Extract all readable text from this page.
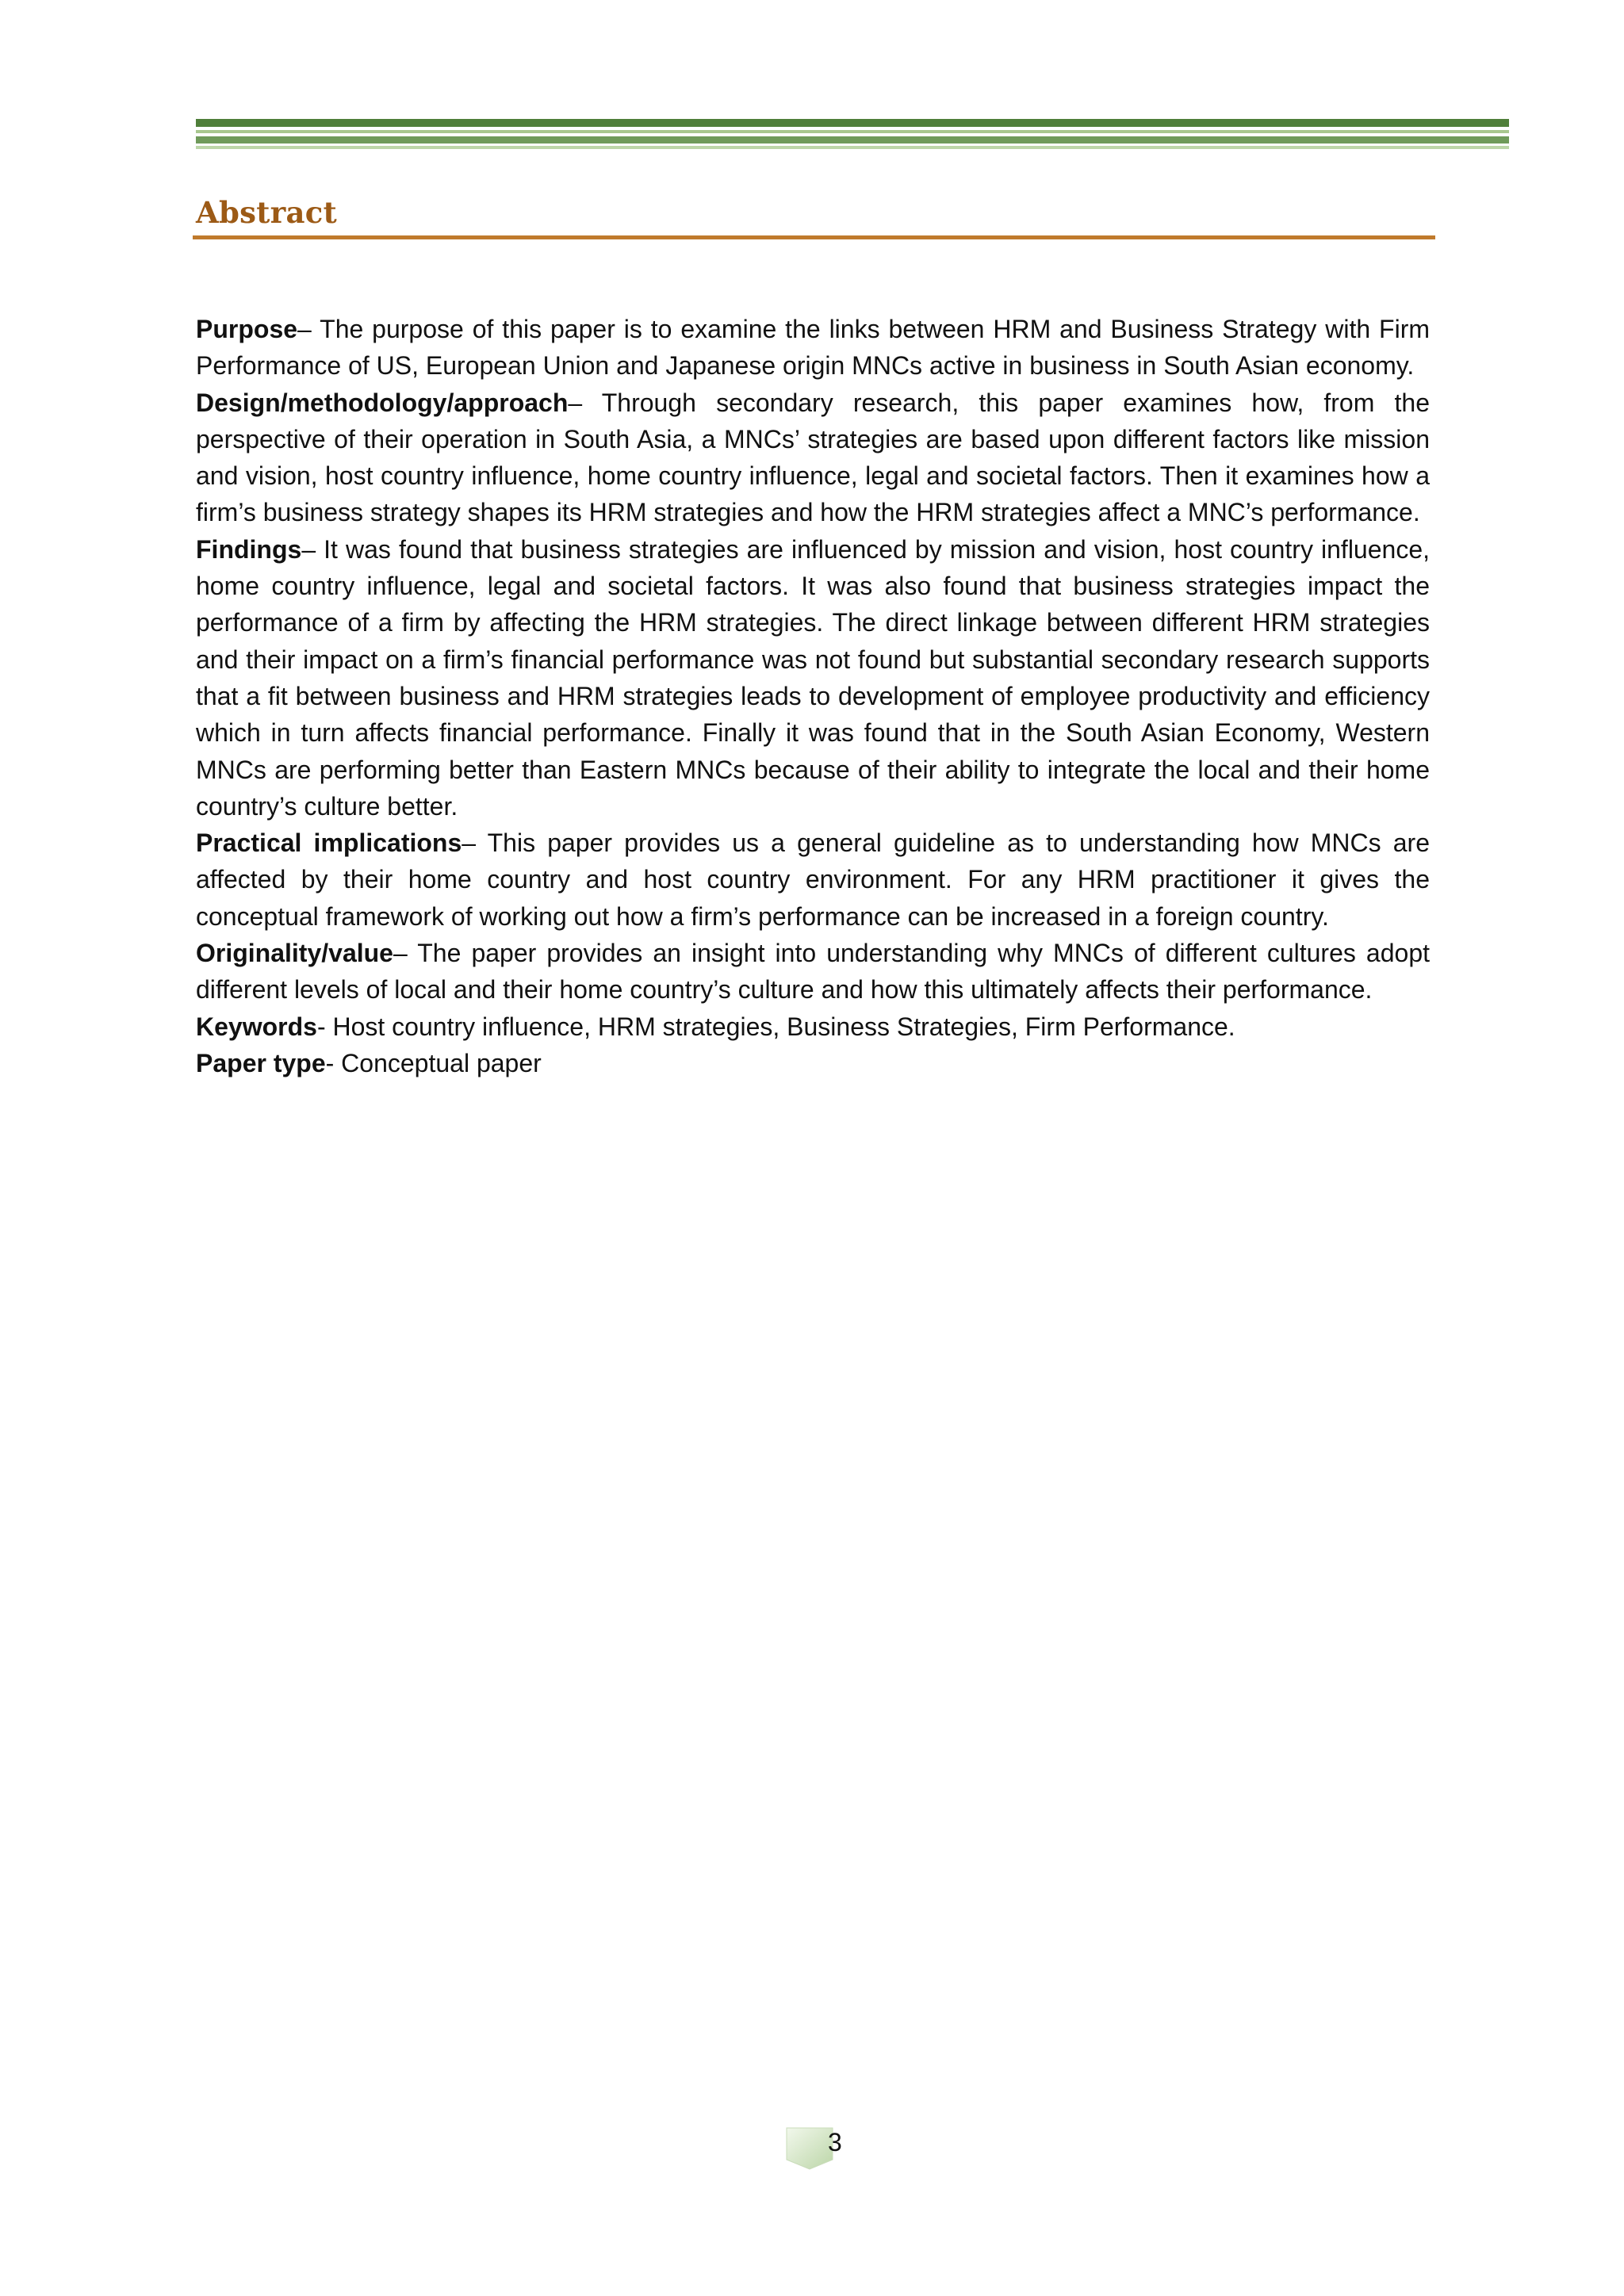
Abstract

Purpose– The purpose of this paper is to examine the links between HRM and Business Strategy with Firm Performance of US, European Union and Japanese origin MNCs active in business in South Asian economy.

Design/methodology/approach– Through secondary research, this paper examines how, from the perspective of their operation in South Asia, a MNCs’ strategies are based upon different factors like mission and vision, host country influence, home country influence, legal and societal factors. Then it examines how a firm’s business strategy shapes its HRM strategies and how the HRM strategies affect a MNC’s performance.

Findings– It was found that business strategies are influenced by mission and vision, host country influence, home country influence, legal and societal factors. It was also found that business strategies impact the performance of a firm by affecting the HRM strategies. The direct linkage between different HRM strategies and their impact on a firm’s financial performance was not found but substantial secondary research supports that a fit between business and HRM strategies leads to development of employee productivity and efficiency which in turn affects financial performance. Finally it was found that in the South Asian Economy, Western MNCs are performing better than Eastern MNCs because of their ability to integrate the local and their home country’s culture better.

Practical implications– This paper provides us a general guideline as to understanding how MNCs are affected by their home country and host country environment. For any HRM practitioner it gives the conceptual framework of working out how a firm’s performance can be increased in a foreign country.

Originality/value– The paper provides an insight into understanding why MNCs of different cultures adopt different levels of local and their home country’s culture and how this ultimately affects their performance.

Keywords- Host country influence, HRM strategies, Business Strategies, Firm Performance.

Paper type- Conceptual paper

3
